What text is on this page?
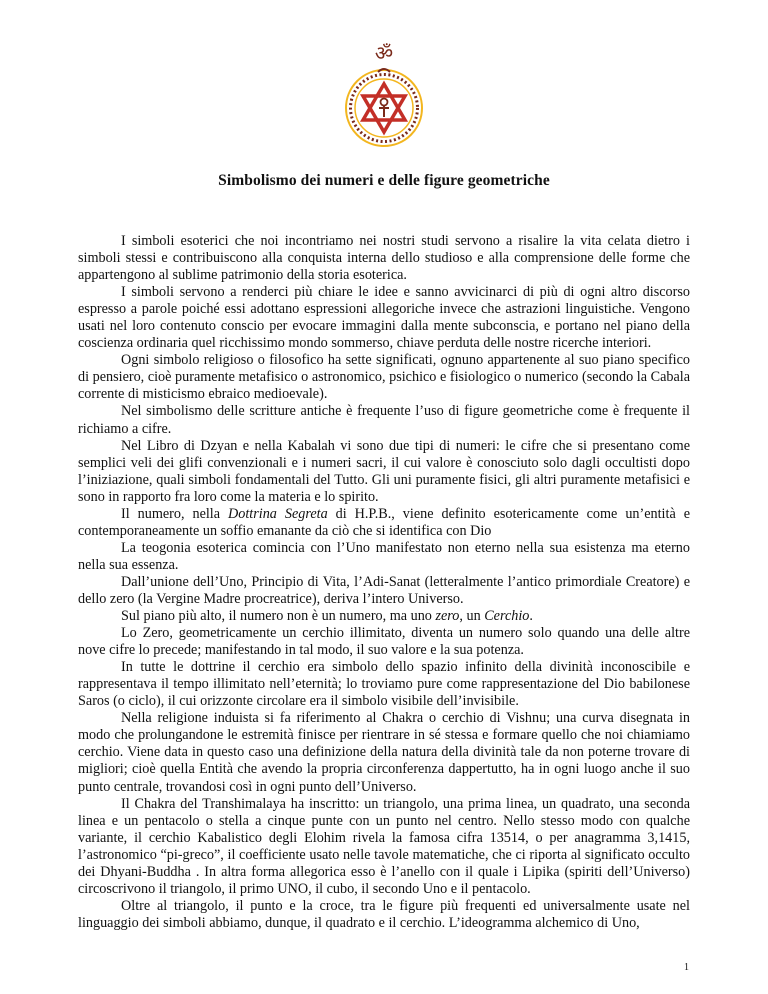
ॐ
Simbolismo dei numeri e delle figure geometriche

I simboli esoterici che noi incontriamo nei nostri studi servono a risalire la vita celata dietro i simboli stessi e contribuiscono alla conquista interna dello studioso e alla comprensione delle forme che appartengono al sublime patrimonio della storia esoterica.

I simboli servono a renderci più chiare le idee e sanno avvicinarci di più di ogni altro discorso espresso a parole poiché essi adottano espressioni allegoriche invece che astrazioni linguistiche. Vengono usati nel loro contenuto conscio per evocare immagini dalla mente subconscia, e portano nel piano della coscienza ordinaria quel ricchissimo mondo sommerso, chiave perduta delle nostre ricerche interiori.

Ogni simbolo religioso o filosofico ha sette significati, ognuno appartenente al suo piano specifico di pensiero, cioè puramente metafisico o astronomico, psichico e fisiologico o numerico (secondo la Cabala corrente di misticismo ebraico medioevale).

Nel simbolismo delle scritture antiche è frequente l’uso di figure geometriche come è frequente il richiamo a cifre.

Nel Libro di Dzyan e nella Kabalah vi sono due tipi di numeri: le cifre che si presentano come semplici veli dei glifi convenzionali e i numeri sacri, il cui valore è conosciuto solo dagli occultisti dopo l’iniziazione, quali simboli fondamentali del Tutto. Gli uni puramente fisici, gli altri puramente metafisici e sono in rapporto fra loro come la materia e lo spirito.

Il numero, nella Dottrina Segreta di H.P.B., viene definito esotericamente come un’entità e contemporaneamente un soffio emanante da ciò che si identifica con Dio

La teogonia esoterica comincia con l’Uno manifestato non eterno nella sua esistenza ma eterno nella sua essenza.

Dall’unione dell’Uno, Principio di Vita, l’Adi-Sanat (letteralmente l’antico primordiale Creatore) e dello zero (la Vergine Madre procreatrice), deriva l’intero Universo.

Sul piano più alto, il numero non è un numero, ma uno zero, un Cerchio.

Lo Zero, geometricamente un cerchio illimitato, diventa un numero solo quando una delle altre nove cifre lo precede; manifestando in tal modo, il suo valore e la sua potenza.

In tutte le dottrine il cerchio era simbolo dello spazio infinito della divinità inconoscibile e rappresentava il tempo illimitato nell’eternità; lo troviamo pure come rappresentazione del Dio babilonese Saros (o ciclo), il cui orizzonte circolare era il simbolo visibile dell’invisibile.

Nella religione induista si fa riferimento al Chakra o cerchio di Vishnu; una curva disegnata in modo che prolungandone le estremità finisce per rientrare in sé stessa e formare quello che noi chiamiamo cerchio. Viene data in questo caso una definizione della natura della divinità tale da non poterne trovare di migliori; cioè quella Entità che avendo la propria circonferenza dappertutto, ha in ogni luogo anche il suo punto centrale, trovandosi così in ogni punto dell’Universo.

Il Chakra del Transhimalaya ha inscritto: un triangolo, una prima linea, un quadrato, una seconda linea e un pentacolo o stella a cinque punte con un punto nel centro. Nello stesso modo con qualche variante, il cerchio Kabalistico degli Elohim rivela la famosa cifra 13514, o per anagramma 3,1415, l’astronomico “pi-greco”, il coefficiente usato nelle tavole matematiche, che ci riporta al significato occulto dei Dhyani-Buddha . In altra forma allegorica esso è l’anello con il quale i Lipika (spiriti dell’Universo) circoscrivono il triangolo, il primo UNO, il cubo, il secondo Uno e il pentacolo.

Oltre al triangolo, il punto e la croce, tra le figure più frequenti ed universalmente usate nel linguaggio dei simboli abbiamo, dunque, il quadrato e il cerchio. L’ideogramma alchemico di Uno,

1
